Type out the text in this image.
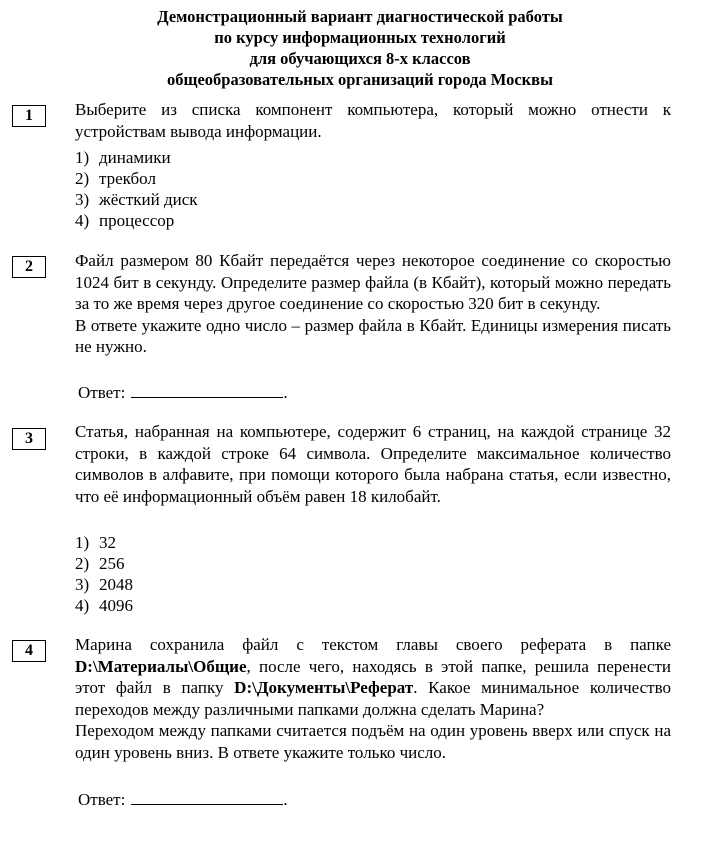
Демонстрационный вариант диагностической работы
по курсу информационных технологий
для обучающихся 8-х классов
общеобразовательных организаций города Москвы
1	Выберите из списка компонент компьютера, который можно отнести к устройствам вывода информации.
1) динамики
2) трекбол
3) жёсткий диск
4) процессор
2	Файл размером 80 Кбайт передаётся через некоторое соединение со скоростью 1024 бит в секунду. Определите размер файла (в Кбайт), который можно передать за то же время через другое соединение со скоростью 320 бит в секунду.
В ответе укажите одно число – размер файла в Кбайт. Единицы измерения писать не нужно.
Ответ:	.
3	Статья, набранная на компьютере, содержит 6 страниц, на каждой странице 32 строки, в каждой строке 64 символа. Определите максимальное количество символов в алфавите, при помощи которого была набрана статья, если известно, что её информационный объём равен 18 килобайт.
1) 32
2) 256
3) 2048
4) 4096
4	Марина сохранила файл с текстом главы своего реферата в папке D:\Материалы\Общие, после чего, находясь в этой папке, решила перенести этот файл в папку D:\Документы\Реферат. Какое минимальное количество переходов между различными папками должна сделать Марина?
Переходом между папками считается подъём на один уровень вверх или спуск на один уровень вниз. В ответе укажите только число.
Ответ:	.
